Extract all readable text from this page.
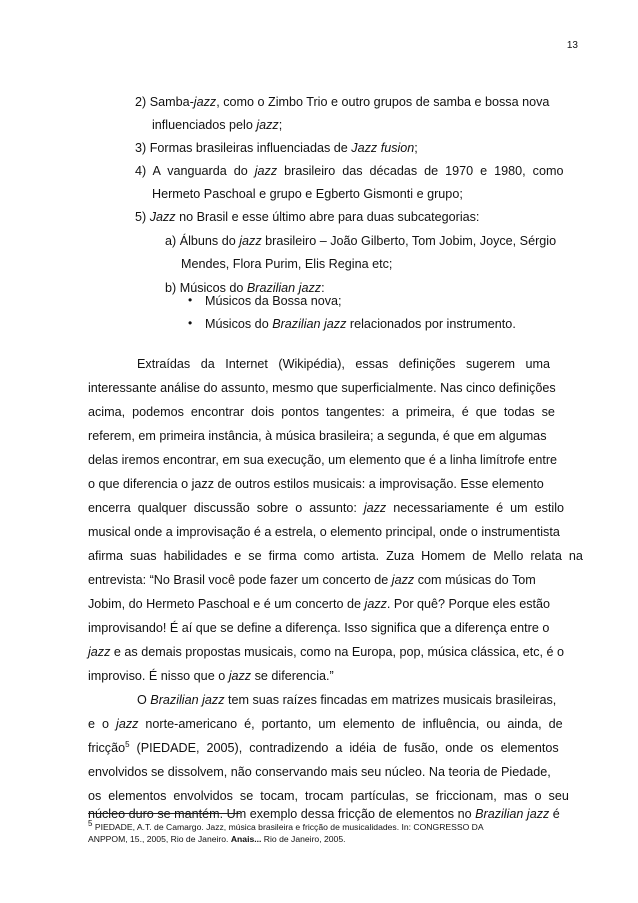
13
2) Samba-jazz, como o Zimbo Trio e outro grupos de samba e bossa nova
influenciados pelo jazz;
3) Formas brasileiras influenciadas de Jazz fusion;
4)  A  vanguarda  do  jazz  brasileiro  das  décadas  de  1970  e  1980,  como
Hermeto Paschoal e grupo e Egberto Gismonti e grupo;
5) Jazz no Brasil e esse último abre para duas subcategorias:
a) Álbuns do jazz brasileiro – João Gilberto, Tom Jobim, Joyce, Sérgio
Mendes, Flora Purim, Elis Regina etc;
b) Músicos do Brazilian jazz:
• Músicos da Bossa nova;
• Músicos do Brazilian jazz relacionados por instrumento.
Extraídas   da   Internet   (Wikipédia),   essas   definições   sugerem   uma
interessante análise do assunto, mesmo que superficialmente. Nas cinco definições
acima,  podemos  encontrar  dois  pontos  tangentes:  a  primeira,  é  que  todas  se
referem, em primeira instância, à música brasileira; a segunda, é que em algumas
delas iremos encontrar, em sua execução, um elemento que é a linha limítrofe entre
o que diferencia o jazz de outros estilos musicais: a improvisação. Esse elemento
encerra  qualquer  discussão  sobre  o  assunto:  jazz  necessariamente  é  um  estilo
musical onde a improvisação é a estrela, o elemento principal, onde o instrumentista
afirma  suas  habilidades  e  se  firma  como  artista.  Zuza  Homem  de  Mello  relata  na
entrevista: “No Brasil você pode fazer um concerto de jazz com músicas do Tom
Jobim, do Hermeto Paschoal e é um concerto de jazz. Por quê? Porque eles estão
improvisando! É aí que se define a diferença. Isso significa que a diferença entre o
jazz e as demais propostas musicais, como na Europa, pop, música clássica, etc, é o
improviso. É nisso que o jazz se diferencia.”
O Brazilian jazz tem suas raízes fincadas em matrizes musicais brasileiras,
e  o  jazz  norte-americano  é,  portanto,  um  elemento  de  influência,  ou  ainda,  de
fricção$^5$  (PIEDADE,  2005),  contradizendo  a  idéia  de  fusão,  onde  os  elementos
envolvidos se dissolvem, não conservando mais seu núcleo. Na teoria de Piedade,
os  elementos  envolvidos  se  tocam,  trocam  partículas,  se  friccionam,  mas  o  seu
núcleo duro se mantém. Um exemplo dessa fricção de elementos no Brazilian jazz é
$^5$ PIEDADE, A.T. de Camargo. Jazz, música brasileira e fricção de musicalidades. In: CONGRESSO DA
ANPPOM, 15., 2005, Rio de Janeiro. Anais... Rio de Janeiro, 2005.
